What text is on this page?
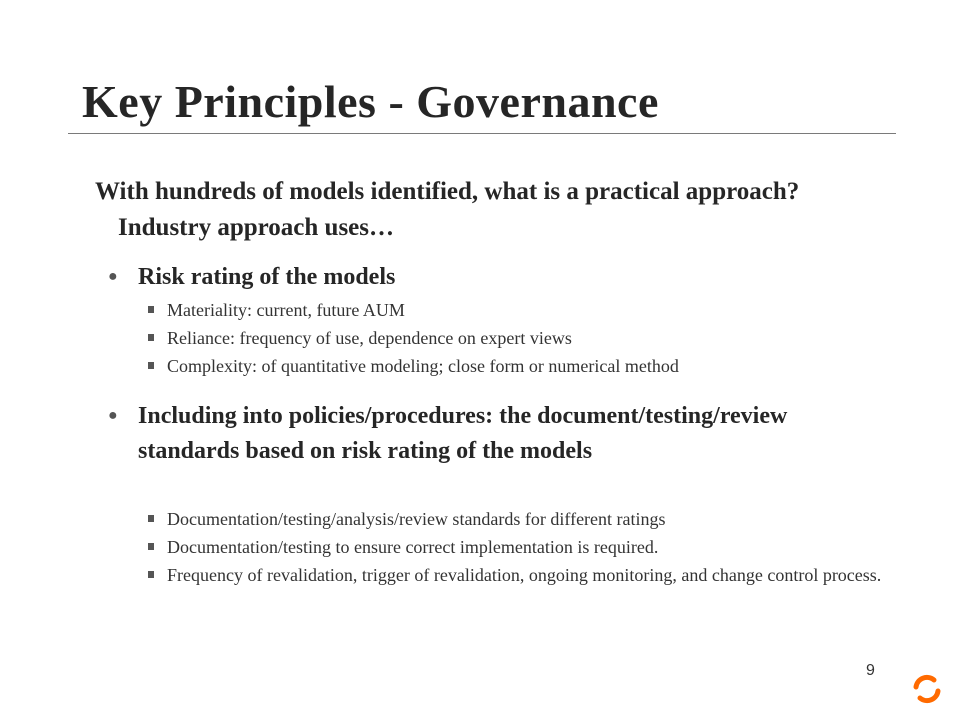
Key Principles - Governance
With hundreds of models identified, what is a practical approach? Industry approach uses…
● Risk rating of the models
Materiality: current, future AUM
Reliance: frequency of use, dependence on expert views
Complexity: of quantitative modeling; close form or numerical method
● Including into policies/procedures: the document/testing/review standards based on risk rating of the models
Documentation/testing/analysis/review standards for different ratings
Documentation/testing to ensure correct implementation is required.
Frequency of revalidation, trigger of revalidation, ongoing monitoring, and change control process.
9
